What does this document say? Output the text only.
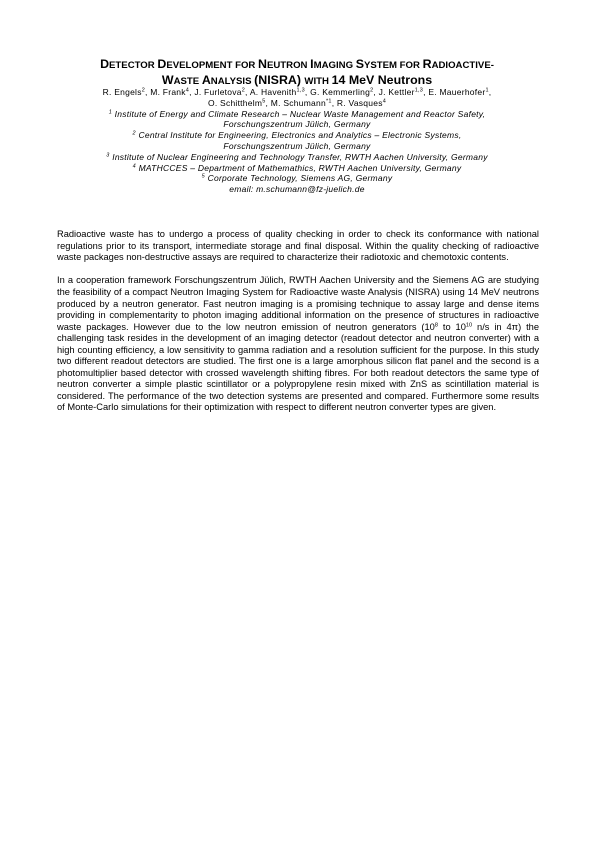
DETECTOR DEVELOPMENT FOR NEUTRON IMAGING SYSTEM FOR RADIOACTIVE-
WASTE ANALYSIS (NISRA) WITH 14 MeV Neutrons
R. Engels$^2$, M. Frank$^4$, J. Furletova$^2$, A. Havenith$^{1,3}$, G. Kemmerling$^2$, J. Kettler$^{1,3}$, E. Mauerhofer$^1$,
O. Schitthelm$^5$, M. Schumann$^{*1}$, R. Vasques$^4$
$^1$ Institute of Energy and Climate Research – Nuclear Waste Management and Reactor Safety,
Forschungszentrum Jülich, Germany
$^2$ Central Institute for Engineering, Electronics and Analytics – Electronic Systems,
Forschungszentrum Jülich, Germany
$^3$ Institute of Nuclear Engineering and Technology Transfer, RWTH Aachen University, Germany
$^4$ MATHCCES – Department of Mathemathics, RWTH Aachen University, Germany
$^5$ Corporate Technology, Siemens AG, Germany
email: m.schumann@fz-juelich.de

Radioactive waste has to undergo a process of quality checking in order to check its conformance with national regulations prior to its transport, intermediate storage and final disposal. Within the quality checking of radioactive waste packages non-destructive assays are required to characterize their radiotoxic and chemotoxic contents.

In a cooperation framework Forschungszentrum Jülich, RWTH Aachen University and the Siemens AG are studying the feasibility of a compact Neutron Imaging System for Radioactive waste Analysis (NISRA) using 14 MeV neutrons produced by a neutron generator. Fast neutron imaging is a promising technique to assay large and dense items providing in complementarity to photon imaging additional information on the presence of structures in radioactive waste packages. However due to the low neutron emission of neutron generators ($10^8$ to $10^{10}$ n/s in 4π) the challenging task resides in the development of an imaging detector (readout detector and neutron converter) with a high counting efficiency, a low sensitivity to gamma radiation and a resolution sufficient for the purpose. In this study two different readout detectors are studied. The first one is a large amorphous silicon flat panel and the second is a photomultiplier based detector with crossed wavelength shifting fibres. For both readout detectors the same type of neutron converter a simple plastic scintillator or a polypropylene resin mixed with ZnS as scintillation material is considered. The performance of the two detection systems are presented and compared. Furthermore some results of Monte-Carlo simulations for their optimization with respect to different neutron converter types are given.
